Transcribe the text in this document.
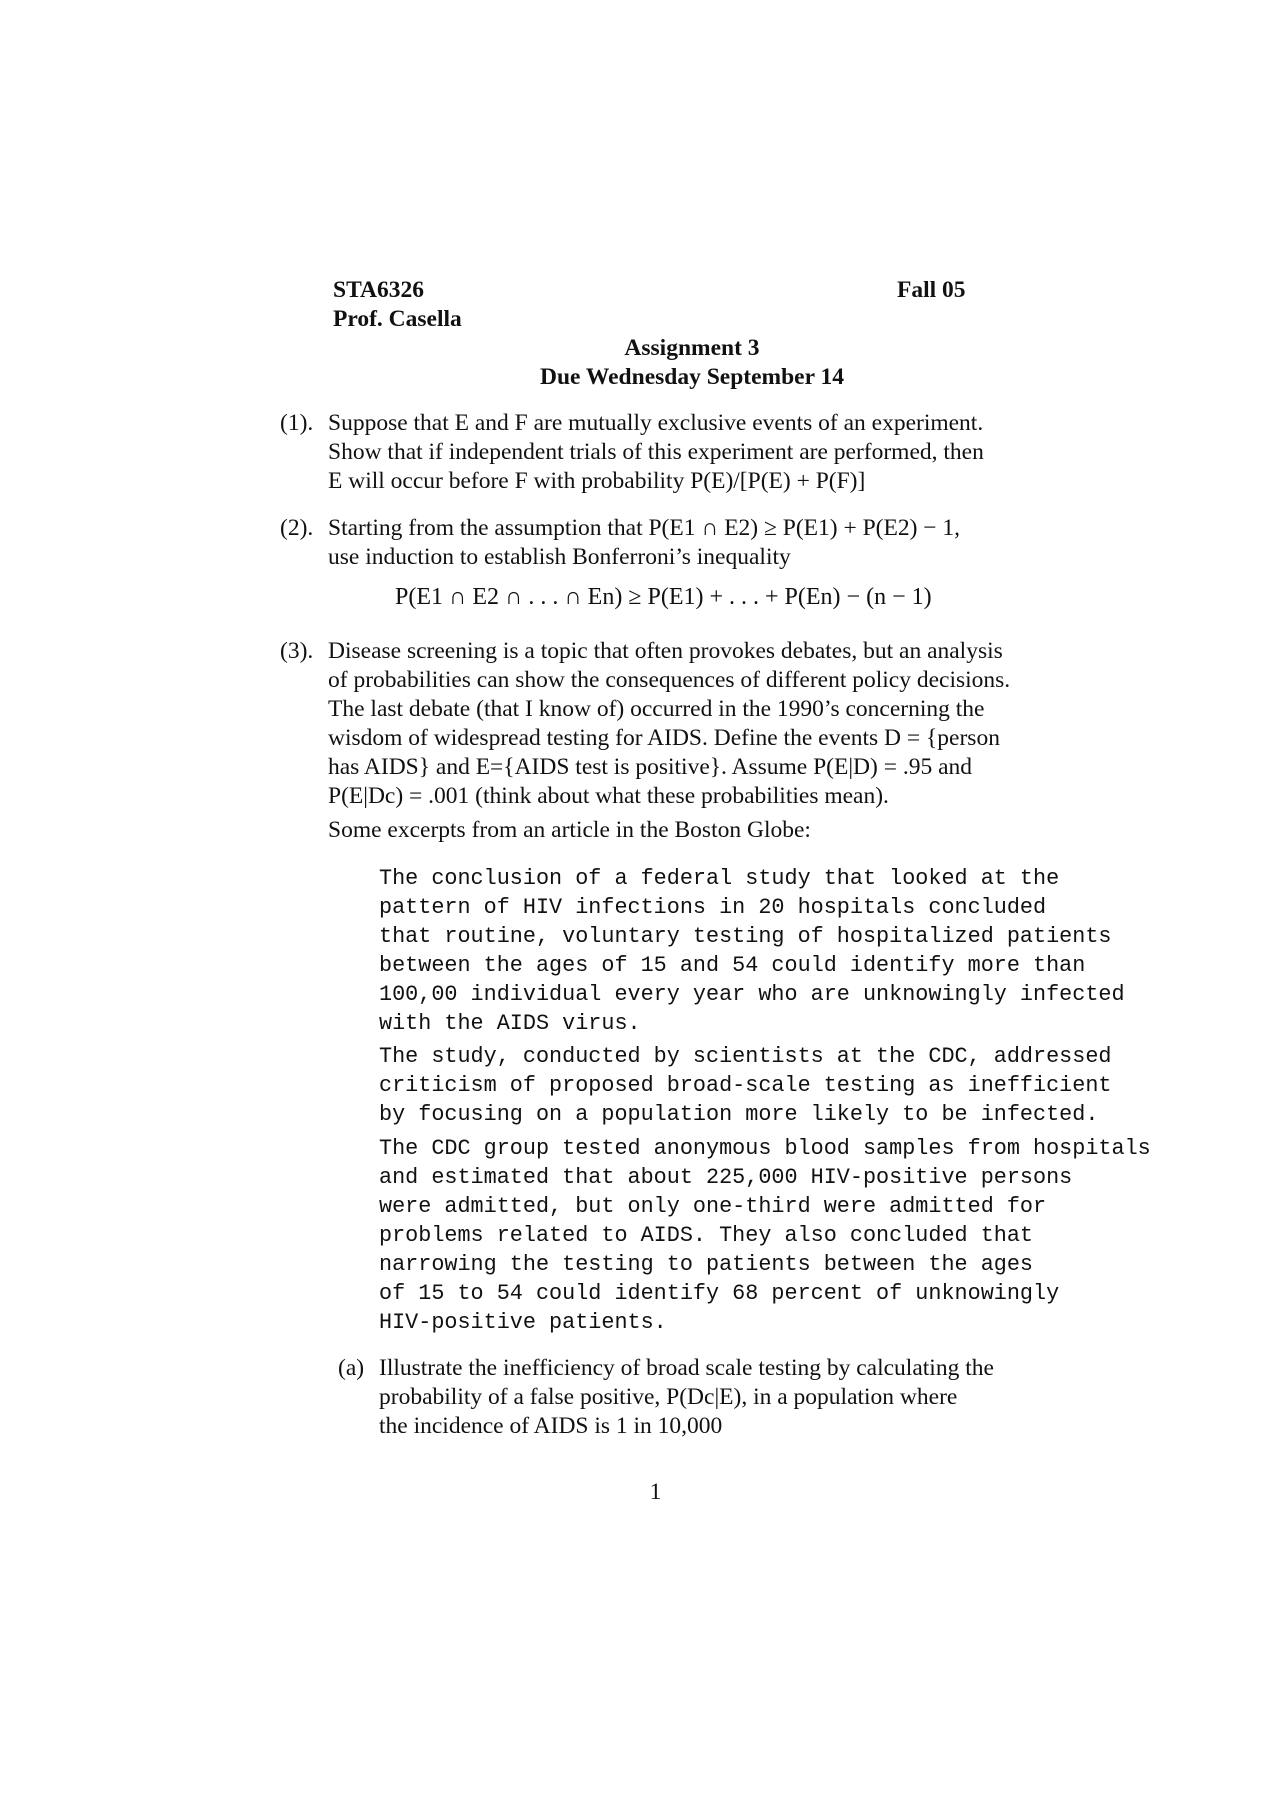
STA6326	Fall 05
Prof. Casella
Assignment 3
Due Wednesday September 14
(1). Suppose that E and F are mutually exclusive events of an experiment.
Show that if independent trials of this experiment are performed, then
E will occur before F with probability P(E)/[P(E) + P(F)]
(2). Starting from the assumption that P(E1 ∩ E2) ≥ P(E1) + P(E2) − 1,
use induction to establish Bonferroni’s inequality
P(E1 ∩ E2 ∩ . . . ∩ En) ≥ P(E1) + . . . + P(En) − (n − 1)
(3). Disease screening is a topic that often provokes debates, but an analysis
of probabilities can show the consequences of different policy decisions.
The last debate (that I know of) occurred in the 1990’s concerning the
wisdom of widespread testing for AIDS. Define the events D = {person
has AIDS} and E={AIDS test is positive}. Assume P(E|D) = .95 and
P(E|Dc) = .001 (think about what these probabilities mean).
Some excerpts from an article in the Boston Globe:
The conclusion of a federal study that looked at the
pattern of HIV infections in 20 hospitals concluded
that routine, voluntary testing of hospitalized patients
between the ages of 15 and 54 could identify more than
100,00 individual every year who are unknowingly infected
with the AIDS virus.
The study, conducted by scientists at the CDC, addressed
criticism of proposed broad-scale testing as inefficient
by focusing on a population more likely to be infected.
The CDC group tested anonymous blood samples from hospitals
and estimated that about 225,000 HIV-positive persons
were admitted, but only one-third were admitted for
problems related to AIDS. They also concluded that
narrowing the testing to patients between the ages
of 15 to 54 could identify 68 percent of unknowingly
HIV-positive patients.
(a) Illustrate the inefficiency of broad scale testing by calculating the
probability of a false positive, P(Dc|E), in a population where
the incidence of AIDS is 1 in 10,000
1
